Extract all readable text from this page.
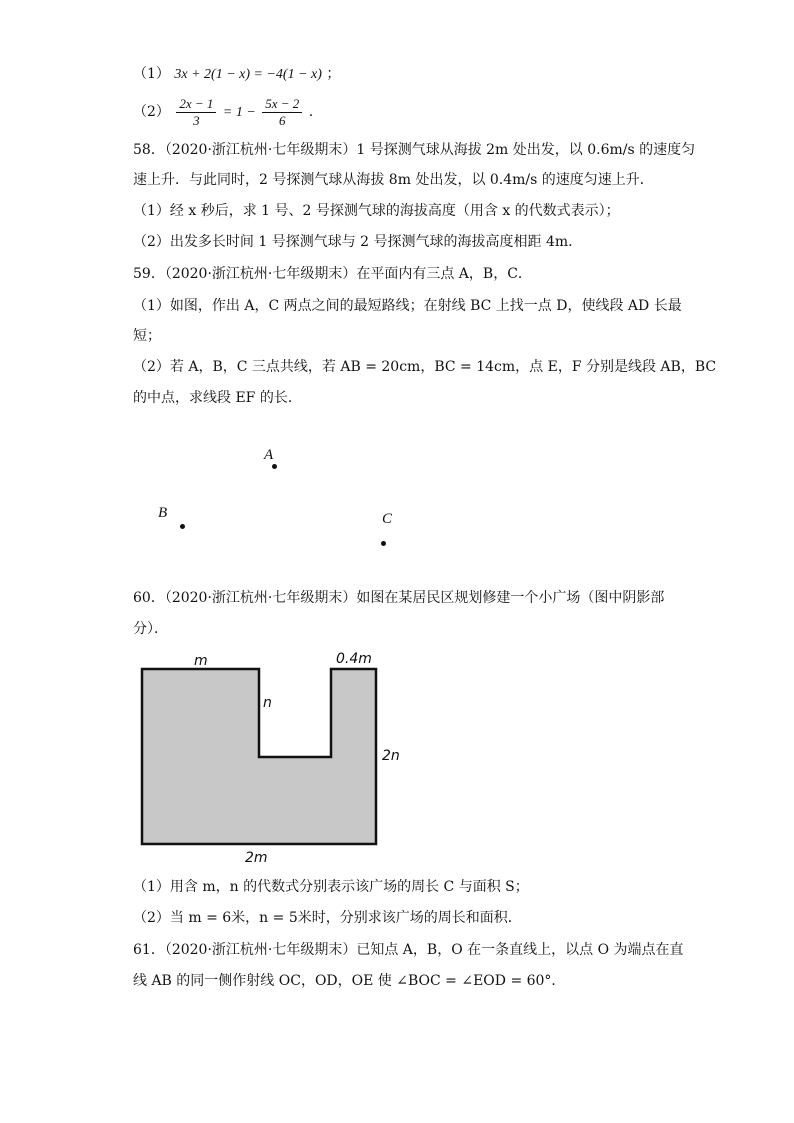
（1） 3x + 2(1 − x) = −4(1 − x) ；
$(2) \frac{2x - 1}{3} = 1 - \frac{5x - 2}{6}$ .
58．（2020·浙江杭州·七年级期末）1 号探测气球从海拔 2m 处出发，以 0.6m/s 的速度匀
速上升．与此同时，2 号探测气球从海拔 8m 处出发，以 0.4m/s 的速度匀速上升．
（1）经 x 秒后，求 1 号、2 号探测气球的海拔高度（用含 x 的代数式表示）；
（2）出发多长时间 1 号探测气球与 2 号探测气球的海拔高度相距 4m．
59．（2020·浙江杭州·七年级期末）在平面内有三点 A，B，C．
（1）如图，作出 A，C 两点之间的最短路线；在射线 BC 上找一点 D，使线段 AD 长最
短；
（2）若 A，B，C 三点共线，若 AB = 20cm，BC = 14cm，点 E，F 分别是线段 AB，BC
的中点，求线段 EF 的长．
A
B	C
60．（2020·浙江杭州·七年级期末）如图在某居民区规划修建一个小广场（图中阴影部
分）．
m	0.4m
n
2n
2m
（1）用含 m，n 的代数式分别表示该广场的周长 C 与面积 S；
（2）当 m = 6米，n = 5米时，分别求该广场的周长和面积．
61．（2020·浙江杭州·七年级期末）已知点 A，B，O 在一条直线上，以点 O 为端点在直
线 AB 的同一侧作射线 OC，OD，OE 使 ∠BOC = ∠EOD = 60°．
